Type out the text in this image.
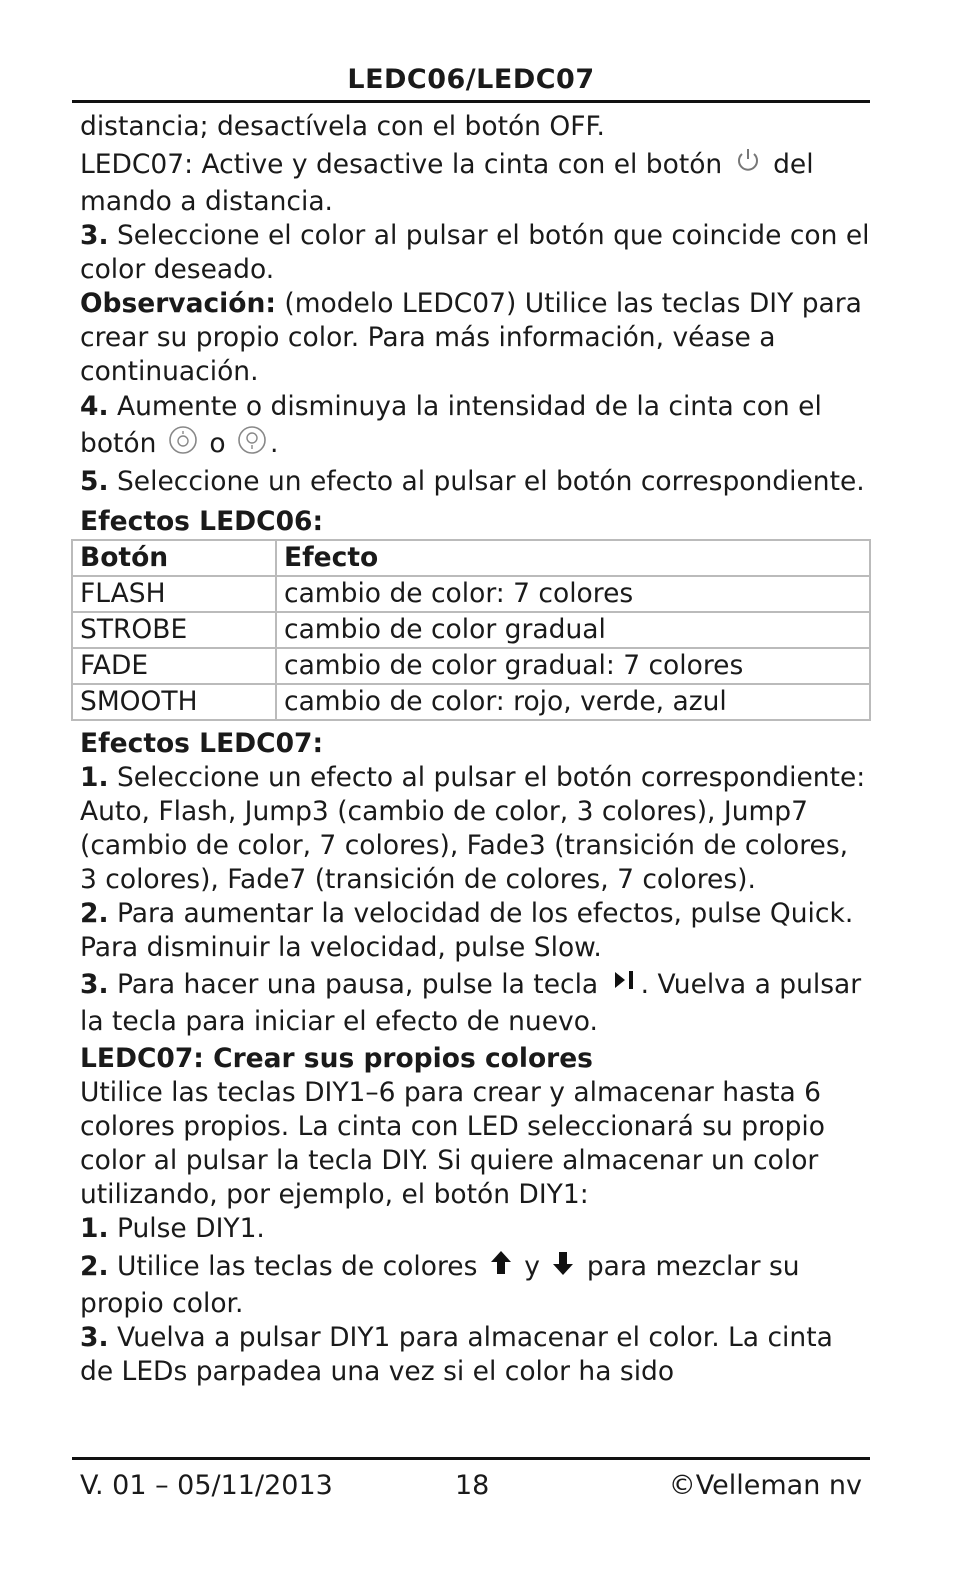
LEDC06/LEDC07

distancia; desactívela con el botón OFF.

LEDC07: Active y desactive la cinta con el botón del mando a distancia.

3. Seleccione el color al pulsar el botón que coincide con el color deseado.

Observación: (modelo LEDC07) Utilice las teclas DIY para crear su propio color. Para más información, véase a continuación.

4. Aumente o disminuya la intensidad de la cinta con el botón o .

5. Seleccione un efecto al pulsar el botón correspondiente.

Efectos LEDC06:

Botón	Efecto
FLASH	cambio de color: 7 colores
STROBE	cambio de color gradual
FADE	cambio de color gradual: 7 colores
SMOOTH	cambio de color: rojo, verde, azul

Efectos LEDC07:

1. Seleccione un efecto al pulsar el botón correspondiente: Auto, Flash, Jump3 (cambio de color, 3 colores), Jump7 (cambio de color, 7 colores), Fade3 (transición de colores, 3 colores), Fade7 (transición de colores, 7 colores).

2. Para aumentar la velocidad de los efectos, pulse Quick. Para disminuir la velocidad, pulse Slow.

3. Para hacer una pausa, pulse la tecla . Vuelva a pulsar la tecla para iniciar el efecto de nuevo.

LEDC07: Crear sus propios colores

Utilice las teclas DIY1–6 para crear y almacenar hasta 6 colores propios. La cinta con LED seleccionará su propio color al pulsar la tecla DIY. Si quiere almacenar un color utilizando, por ejemplo, el botón DIY1:

1. Pulse DIY1.

2. Utilice las teclas de colores y para mezclar su propio color.

3. Vuelva a pulsar DIY1 para almacenar el color. La cinta de LEDs parpadea una vez si el color ha sido

V. 01 – 05/11/2013	18	©Velleman nv
